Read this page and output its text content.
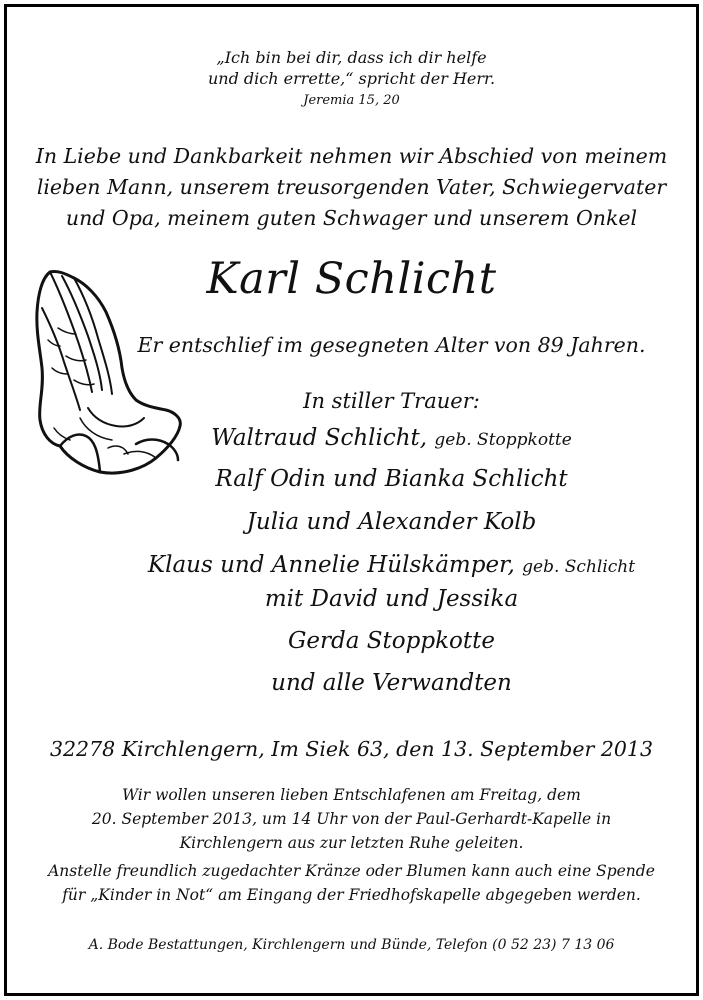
„Ich bin bei dir, dass ich dir helfe

und dich errette,“ spricht der Herr.

Jeremia 15, 20

In Liebe und Dankbarkeit nehmen wir Abschied von meinem

lieben Mann, unserem treusorgenden Vater, Schwiegervater

und Opa, meinem guten Schwager und unserem Onkel

Karl Schlicht

Er entschlief im gesegneten Alter von 89 Jahren.

In stiller Trauer:

Waltraud Schlicht, geb. Stoppkotte

Ralf Odin und Bianka Schlicht

Julia und Alexander Kolb

Klaus und Annelie Hülskämper, geb. Schlicht

mit David und Jessika

Gerda Stoppkotte

und alle Verwandten

32278 Kirchlengern, Im Siek 63, den 13. September 2013

Wir wollen unseren lieben Entschlafenen am Freitag, dem

20. September 2013, um 14 Uhr von der Paul-Gerhardt-Kapelle in

Kirchlengern aus zur letzten Ruhe geleiten.

Anstelle freundlich zugedachter Kränze oder Blumen kann auch eine Spende

für „Kinder in Not“ am Eingang der Friedhofskapelle abgegeben werden.

A. Bode Bestattungen, Kirchlengern und Bünde, Telefon (0 52 23) 7 13 06
